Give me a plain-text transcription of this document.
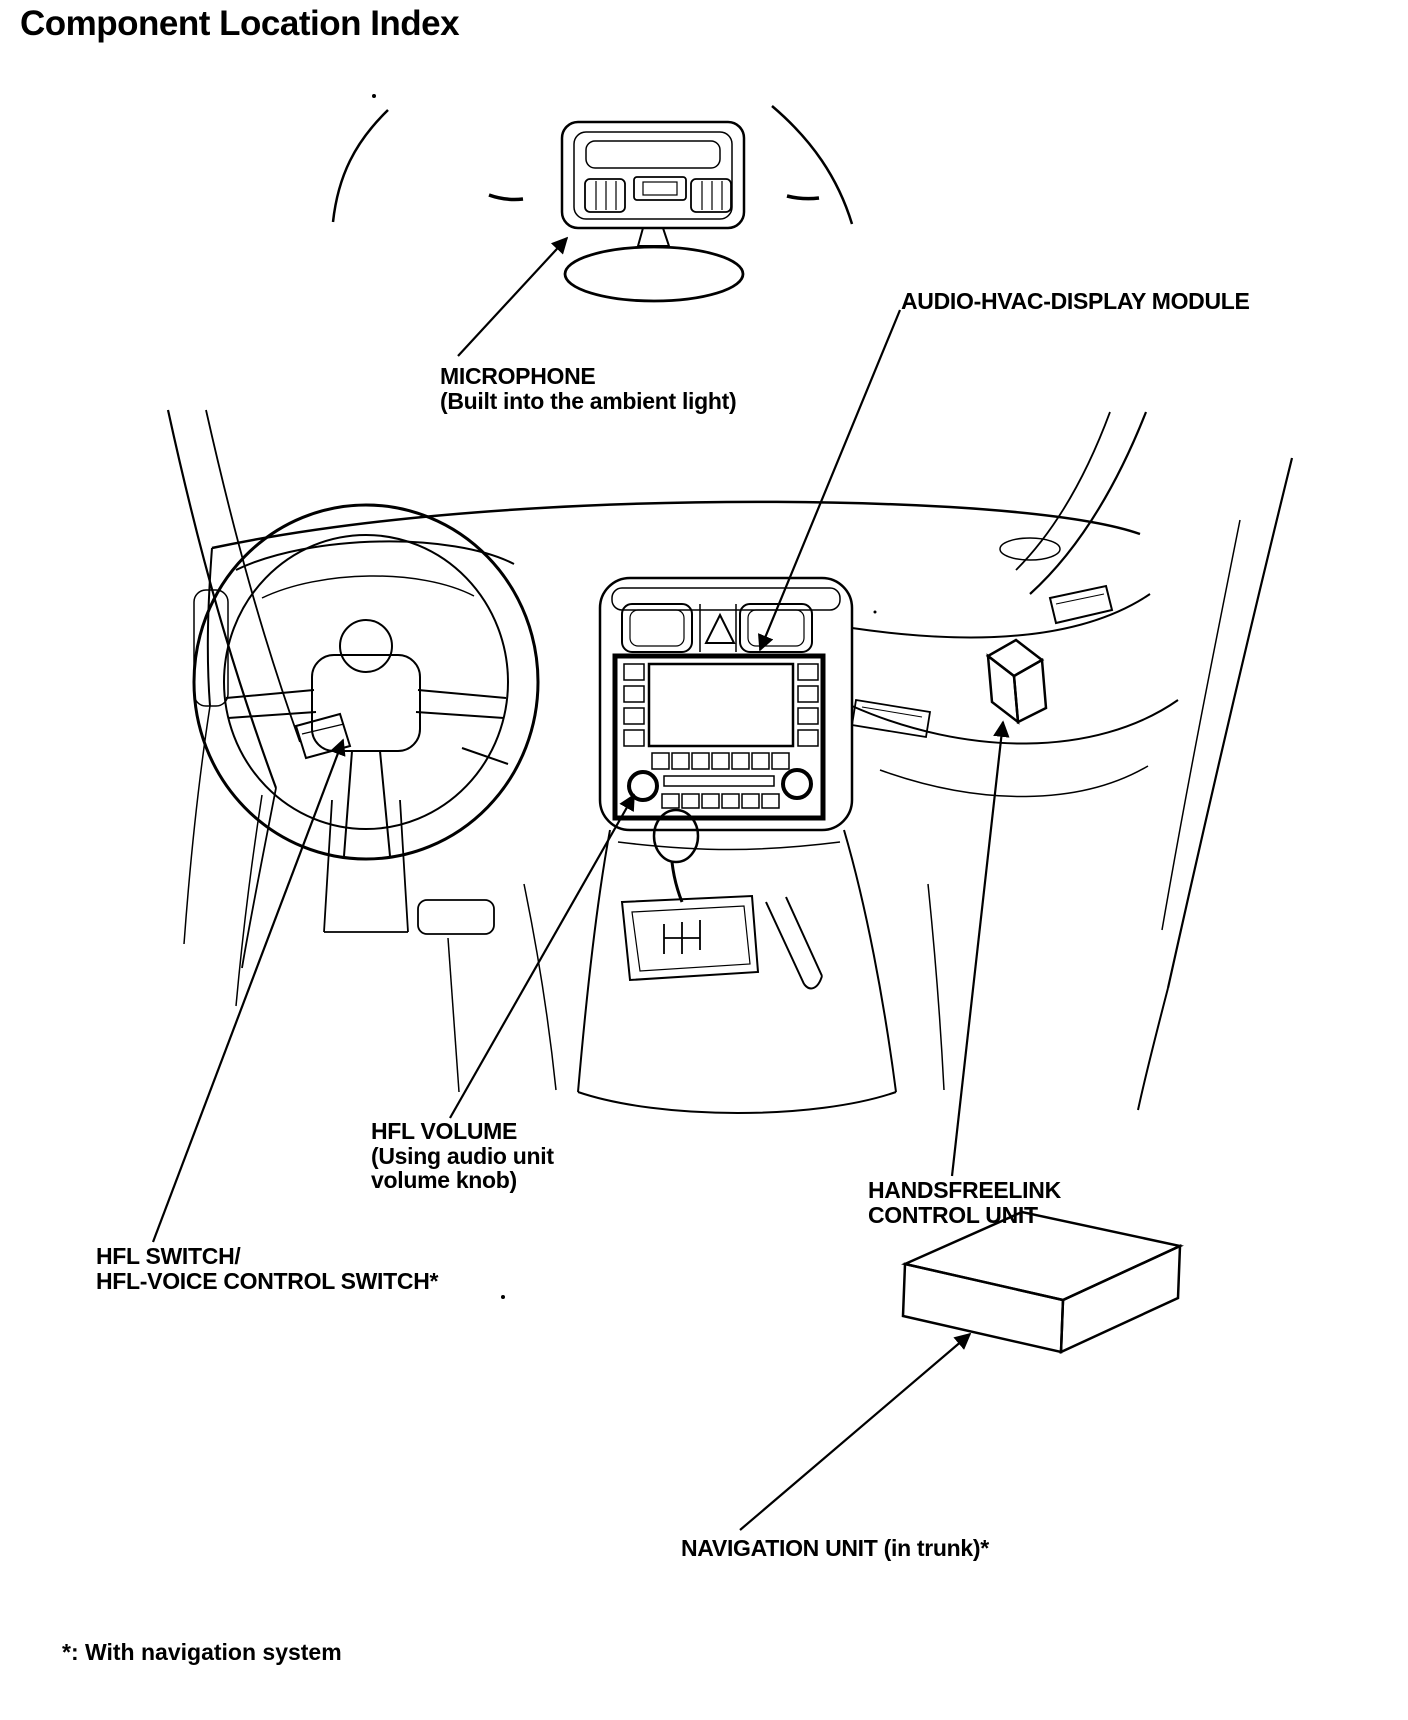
Component Location Index
MICROPHONE
(Built into the ambient light)
AUDIO-HVAC-DISPLAY MODULE
HFL VOLUME
(Using audio unit
volume knob)
HFL SWITCH/
HFL-VOICE CONTROL SWITCH*
HANDSFREELINK
CONTROL UNIT
NAVIGATION UNIT (in trunk)*
*: With navigation system
